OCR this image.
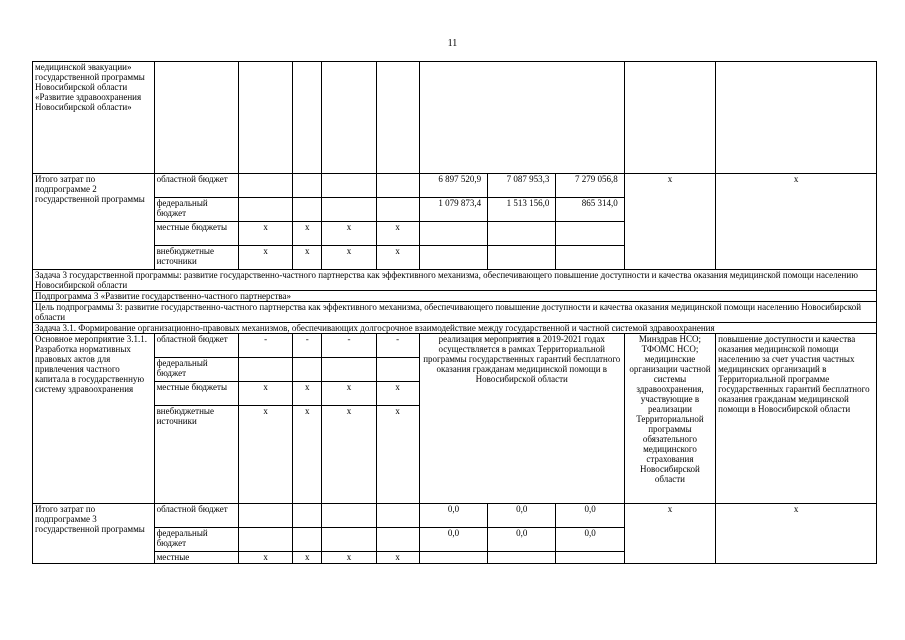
11
медицинской эвакуации» государственной программы Новосибирской области «Развитие здравоохранения Новосибирской области»										
Итого затрат по подпрограмме 2 государственной программы	областной бюджет					6 897 520,9	7 087 953,3	7 279 056,8	х	х
	федеральный бюджет					1 079 873,4	1 513 156,0	865 314,0		
	местные бюджеты	х	х	х	х					
	внебюджетные источники	х	х	х	х					
Задача 3 государственной программы: развитие государственно-частного партнерства как эффективного механизма, обеспечивающего повышение доступности и качества оказания медицинской помощи населению Новосибирской области										
Подпрограмма 3 «Развитие государственно-частного партнерства»										
Цель подпрограммы 3: развитие государственно-частного партнерства как эффективного механизма, обеспечивающего повышение доступности и качества оказания медицинской помощи населению Новосибирской области										
Задача 3.1. Формирование организационно-правовых механизмов, обеспечивающих долгосрочное взаимодействие между государственной и частной системой здравоохранения										
Основное мероприятие 3.1.1. Разработка нормативных правовых актов для привлечения частного капитала в государственную систему здравоохранения	областной бюджет	-	-	-	-	реализация мероприятия в 2019-2021 годах осуществляется в рамках Территориальной программы государственных гарантий бесплатного оказания гражданам медицинской помощи в Новосибирской области			Минздрав НСО; ТФОМС НСО; медицинские организации частной системы здравоохранения, участвующие в реализации Территориальной программы обязательного медицинского страхования Новосибирской области	повышение доступности и качества оказания медицинской помощи населению за счет участия частных медицинских организаций в Территориальной программе государственных гарантий бесплатного оказания гражданам медицинской помощи в Новосибирской области
	федеральный бюджет									
	местные бюджеты	х	х	х	х					
	внебюджетные источники	х	х	х	х					

Итого затрат по подпрограмме 3 государственной программы	областной бюджет					0,0	0,0	0,0	х	х
	федеральный бюджет					0,0	0,0	0,0		
	местные	х	х	х	х					
